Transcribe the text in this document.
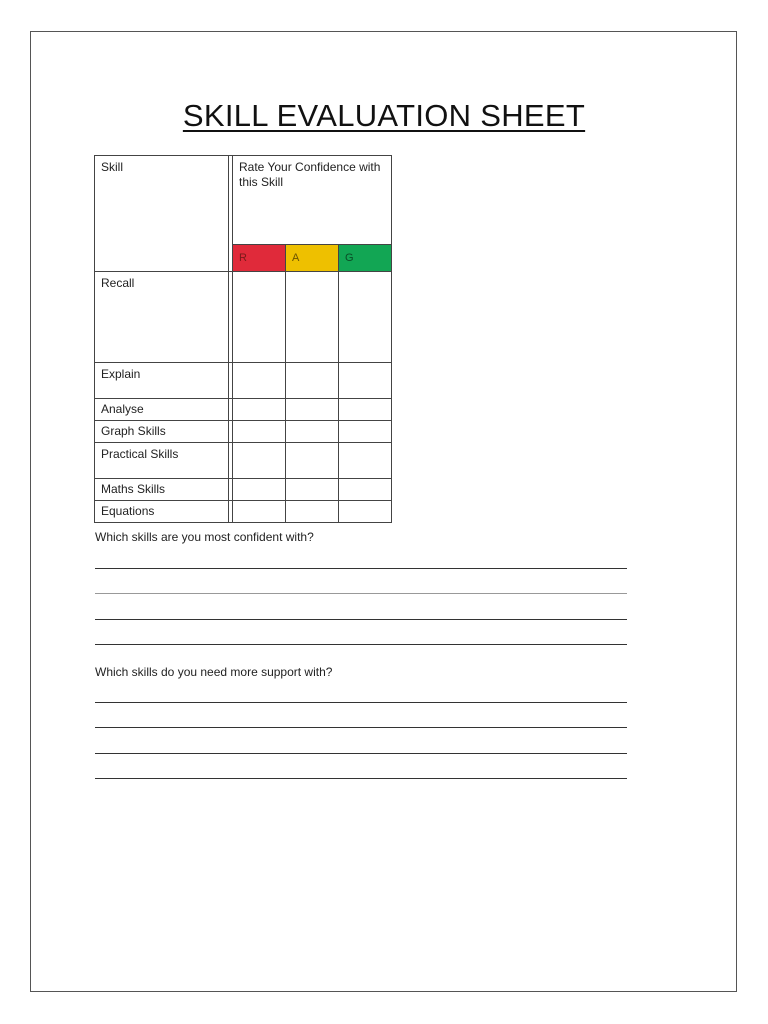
SKILL EVALUATION SHEET
Skill		Rate Your Confidence with this Skill		
		R	A	G
Recall				
Explain				
Analyse				
Graph Skills				
Practical Skills				
Maths Skills				
Equations				
Which skills are you most confident with?
Which skills do you need more support with?
